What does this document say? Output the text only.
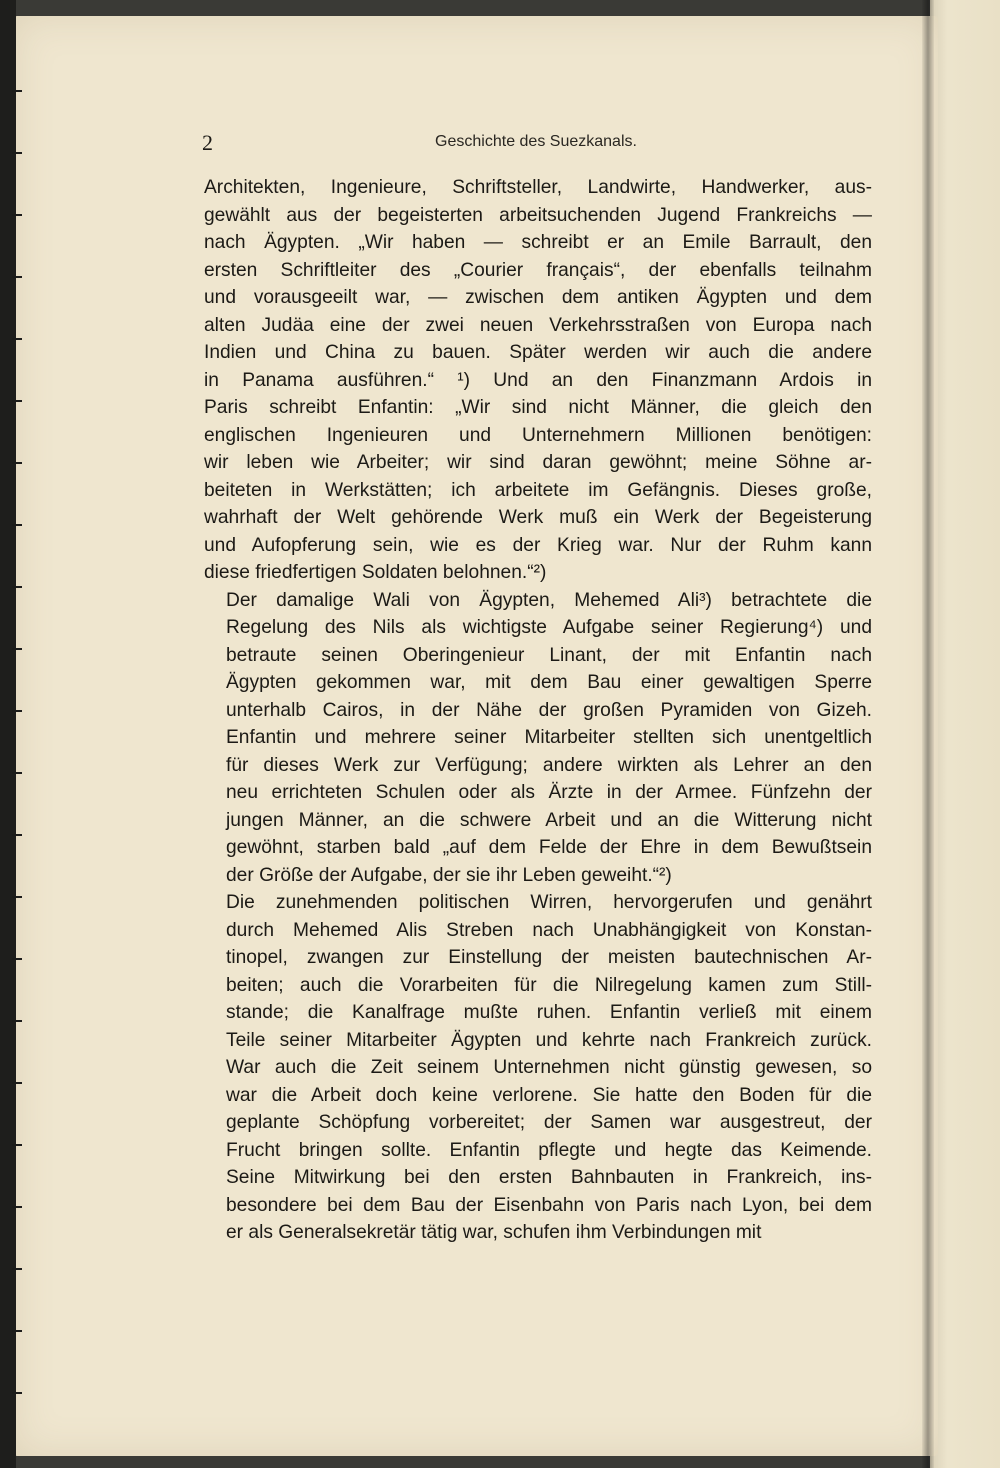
2	Geschichte des Suezkanals.
Architekten, Ingenieure, Schriftsteller, Landwirte, Handwerker, aus-
gewählt aus der begeisterten arbeitsuchenden Jugend Frankreichs —
nach Ägypten. „Wir haben — schreibt er an Emile Barrault, den
ersten Schriftleiter des „Courier français“, der ebenfalls teilnahm
und vorausgeeilt war, — zwischen dem antiken Ägypten und dem
alten Judäa eine der zwei neuen Verkehrsstraßen von Europa nach
Indien und China zu bauen. Später werden wir auch die andere
in Panama ausführen.“ ¹) Und an den Finanzmann Ardois in
Paris schreibt Enfantin: „Wir sind nicht Männer, die gleich den
englischen Ingenieuren und Unternehmern Millionen benötigen:
wir leben wie Arbeiter; wir sind daran gewöhnt; meine Söhne ar-
beiteten in Werkstätten; ich arbeitete im Gefängnis. Dieses große,
wahrhaft der Welt gehörende Werk muß ein Werk der Begeisterung
und Aufopferung sein, wie es der Krieg war. Nur der Ruhm kann
diese friedfertigen Soldaten belohnen.“²)
Der damalige Wali von Ägypten, Mehemed Ali³) betrachtete die
Regelung des Nils als wichtigste Aufgabe seiner Regierung⁴) und
betraute seinen Oberingenieur Linant, der mit Enfantin nach
Ägypten gekommen war, mit dem Bau einer gewaltigen Sperre
unterhalb Cairos, in der Nähe der großen Pyramiden von Gizeh.
Enfantin und mehrere seiner Mitarbeiter stellten sich unentgeltlich
für dieses Werk zur Verfügung; andere wirkten als Lehrer an den
neu errichteten Schulen oder als Ärzte in der Armee. Fünfzehn der
jungen Männer, an die schwere Arbeit und an die Witterung nicht
gewöhnt, starben bald „auf dem Felde der Ehre in dem Bewußtsein
der Größe der Aufgabe, der sie ihr Leben geweiht.“²)
Die zunehmenden politischen Wirren, hervorgerufen und genährt
durch Mehemed Alis Streben nach Unabhängigkeit von Konstan-
tinopel, zwangen zur Einstellung der meisten bautechnischen Ar-
beiten; auch die Vorarbeiten für die Nilregelung kamen zum Still-
stande; die Kanalfrage mußte ruhen. Enfantin verließ mit einem
Teile seiner Mitarbeiter Ägypten und kehrte nach Frankreich zurück.
War auch die Zeit seinem Unternehmen nicht günstig gewesen, so
war die Arbeit doch keine verlorene. Sie hatte den Boden für die
geplante Schöpfung vorbereitet; der Samen war ausgestreut, der
Frucht bringen sollte. Enfantin pflegte und hegte das Keimende.
Seine Mitwirkung bei den ersten Bahnbauten in Frankreich, ins-
besondere bei dem Bau der Eisenbahn von Paris nach Lyon, bei dem
er als Generalsekretär tätig war, schufen ihm Verbindungen mit
